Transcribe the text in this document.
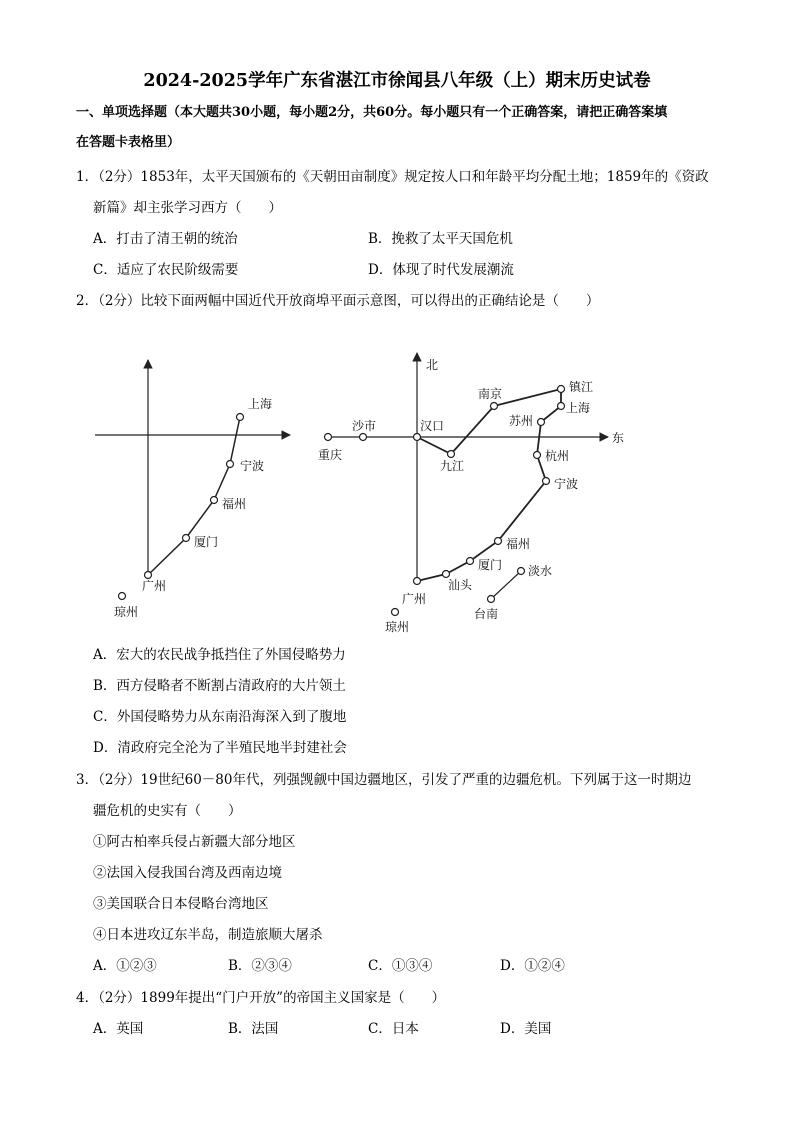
2024-2025学年广东省湛江市徐闻县八年级（上）期末历史试卷
一、单项选择题（本大题共30小题，每小题2分，共60分。每小题只有一个正确答案，请把正确答案填
在答题卡表格里）
1．（2分）1853年，太平天国颁布的《天朝田亩制度》规定按人口和年龄平均分配土地；1859年的《资政
新篇》却主张学习西方（　　）
A．打击了清王朝的统治	B．挽救了太平天国危机
C．适应了农民阶级需要	D．体现了时代发展潮流
2．（2分）比较下面两幅中国近代开放商埠平面示意图，可以得出的正确结论是（　　）
上海
宁波
福州
厦门
广州
琼州
北
东
重庆
沙市	汉口
九江
南京	镇江
上海
苏州
杭州
宁波
福州
厦门
汕头
广州
琼州
淡水
台南
A．宏大的农民战争抵挡住了外国侵略势力
B．西方侵略者不断割占清政府的大片领土
C．外国侵略势力从东南沿海深入到了腹地
D．清政府完全沦为了半殖民地半封建社会
3．（2分）19世纪60－80年代，列强觊觎中国边疆地区，引发了严重的边疆危机。下列属于这一时期边
疆危机的史实有（　　）
①阿古柏率兵侵占新疆大部分地区
②法国入侵我国台湾及西南边境
③美国联合日本侵略台湾地区
④日本进攻辽东半岛，制造旅顺大屠杀
A．①②③	B．②③④	C．①③④	D．①②④
4．（2分）1899年提出“门户开放”的帝国主义国家是（　　）
A．英国	B．法国	C．日本	D．美国
